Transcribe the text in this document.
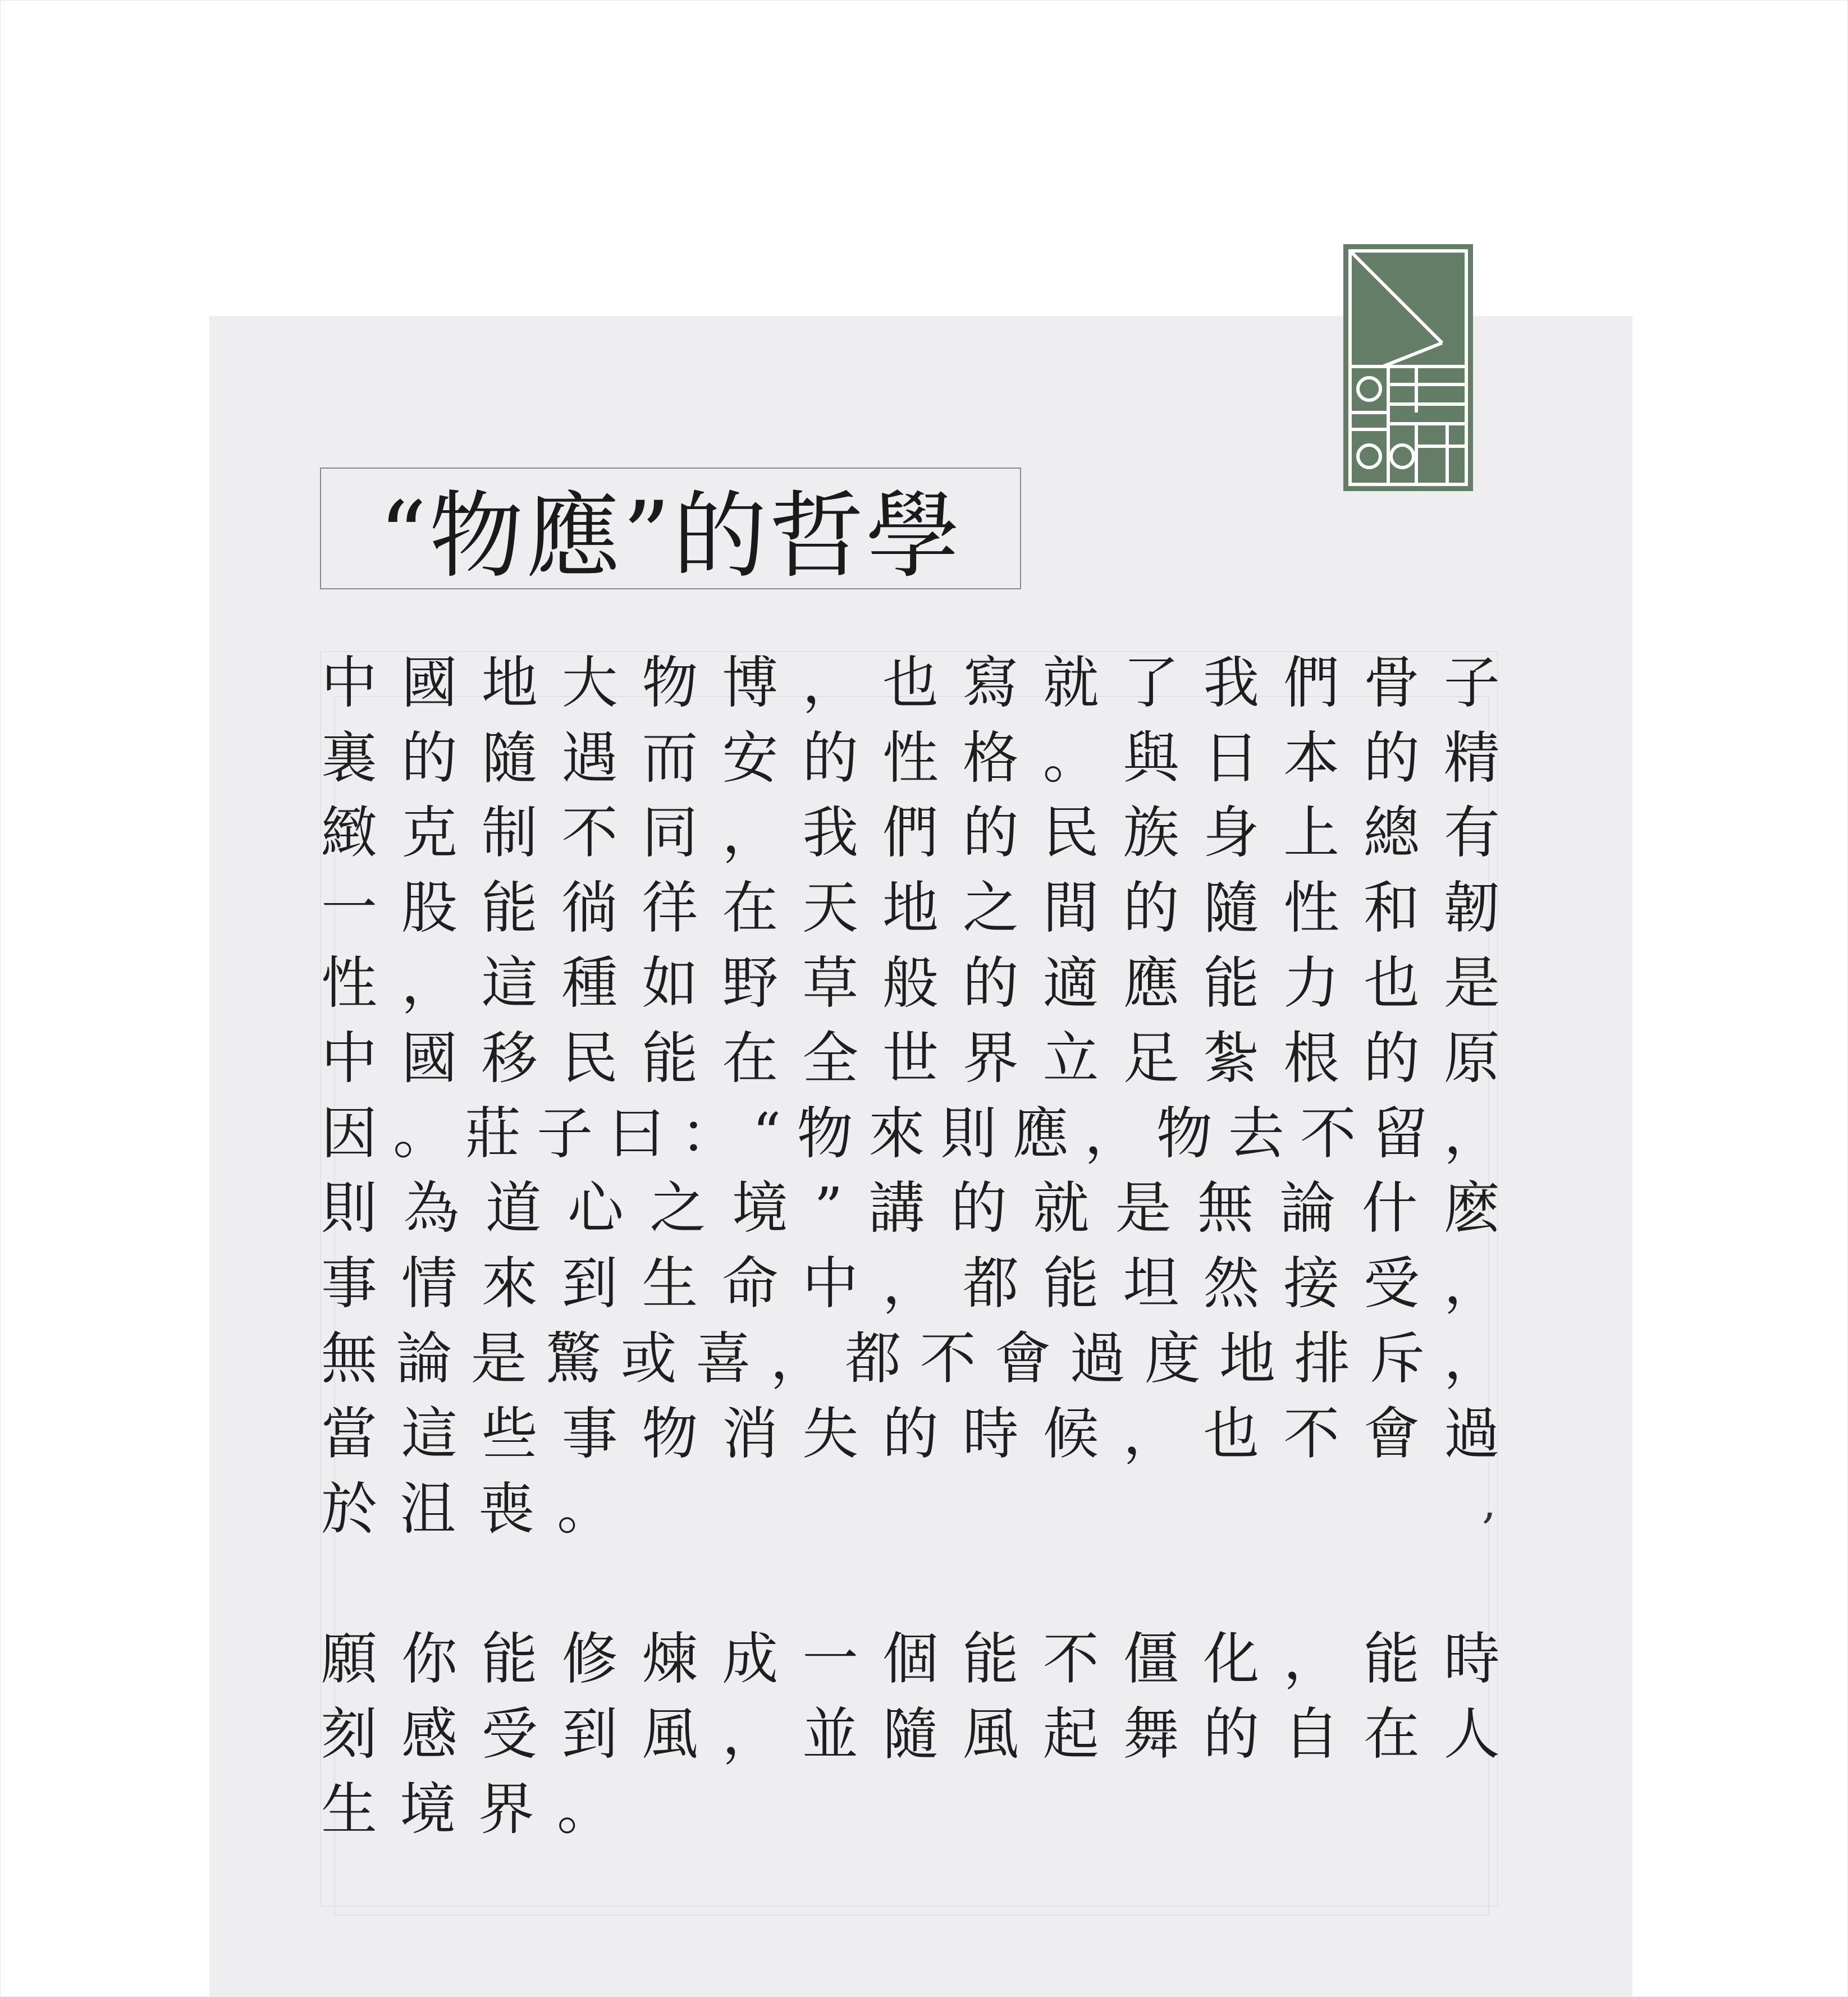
“物應”的哲學
中 國 地 大 物 博 ， 也 寫 就 了 我 們 骨 子
裏 的 隨 遇 而 安 的 性 格 。 與 日 本 的 精
緻 克 制 不 同 ， 我 們 的 民 族 身 上 總 有
一 股 能 徜 徉 在 天 地 之 間 的 隨 性 和 韌
性 ， 這 種 如 野 草 般 的 適 應 能 力 也 是
中 國 移 民 能 在 全 世 界 立 足 紮 根 的 原
因 。 莊 子 曰 ： “ 物 來 則 應 ， 物 去 不 留 ，
則 為 道 心 之 境 ” 講 的 就 是 無 論 什 麽
事 情 來 到 生 命 中 ， 都 能 坦 然 接 受 ，
無 論 是 驚 或 喜 ， 都 不 會 過 度 地 排 斥 ，
當 這 些 事 物 消 失 的 時 候 ， 也 不 會 過
於 沮 喪 。
願 你 能 修 煉 成 一 個 能 不 僵 化 ， 能 時
刻 感 受 到 風 ， 並 隨 風 起 舞 的 自 在 人
生 境 界 。
,
